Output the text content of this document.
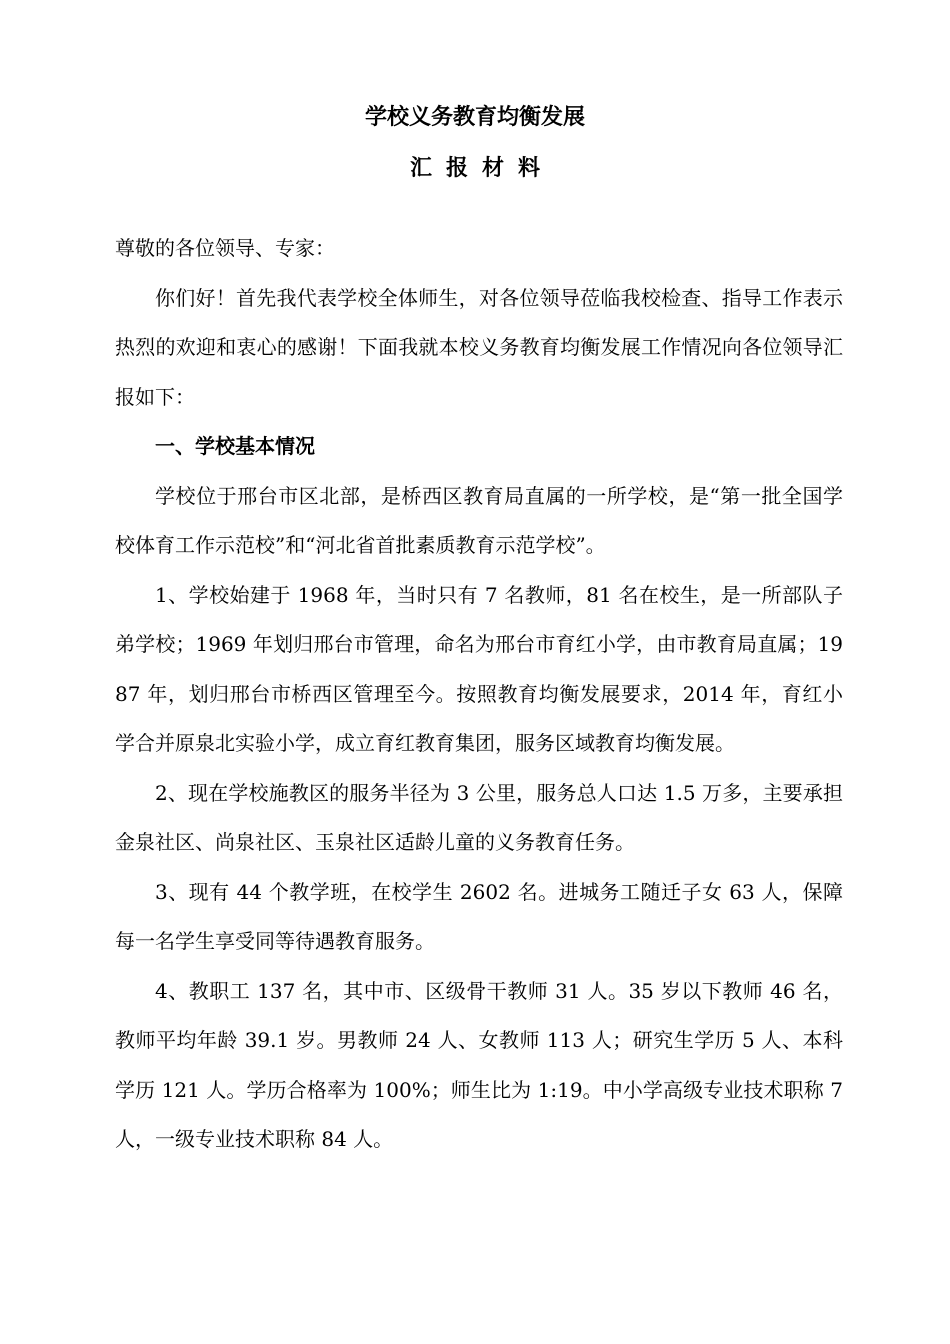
学校义务教育均衡发展
汇报材料

尊敬的各位领导、专家：

你们好！首先我代表学校全体师生，对各位领导莅临我校检查、指导工作表示热烈的欢迎和衷心的感谢！下面我就本校义务教育均衡发展工作情况向各位领导汇报如下：

一、学校基本情况

学校位于邢台市区北部，是桥西区教育局直属的一所学校，是“第一批全国学校体育工作示范校”和“河北省首批素质教育示范学校”。

1、学校始建于 1968 年，当时只有 7 名教师，81 名在校生，是一所部队子弟学校；1969 年划归邢台市管理，命名为邢台市育红小学，由市教育局直属；1987 年，划归邢台市桥西区管理至今。按照教育均衡发展要求，2014 年，育红小学合并原泉北实验小学，成立育红教育集团，服务区域教育均衡发展。

2、现在学校施教区的服务半径为 3 公里，服务总人口达 1.5 万多，主要承担金泉社区、尚泉社区、玉泉社区适龄儿童的义务教育任务。

3、现有 44 个教学班，在校学生 2602 名。进城务工随迁子女 63 人，保障每一名学生享受同等待遇教育服务。

4、教职工 137 名，其中市、区级骨干教师 31 人。35 岁以下教师 46 名，教师平均年龄 39.1 岁。男教师 24 人、女教师 113 人；研究生学历 5 人、本科学历 121 人。学历合格率为 100%；师生比为 1:19。中小学高级专业技术职称 7 人，一级专业技术职称 84 人。
